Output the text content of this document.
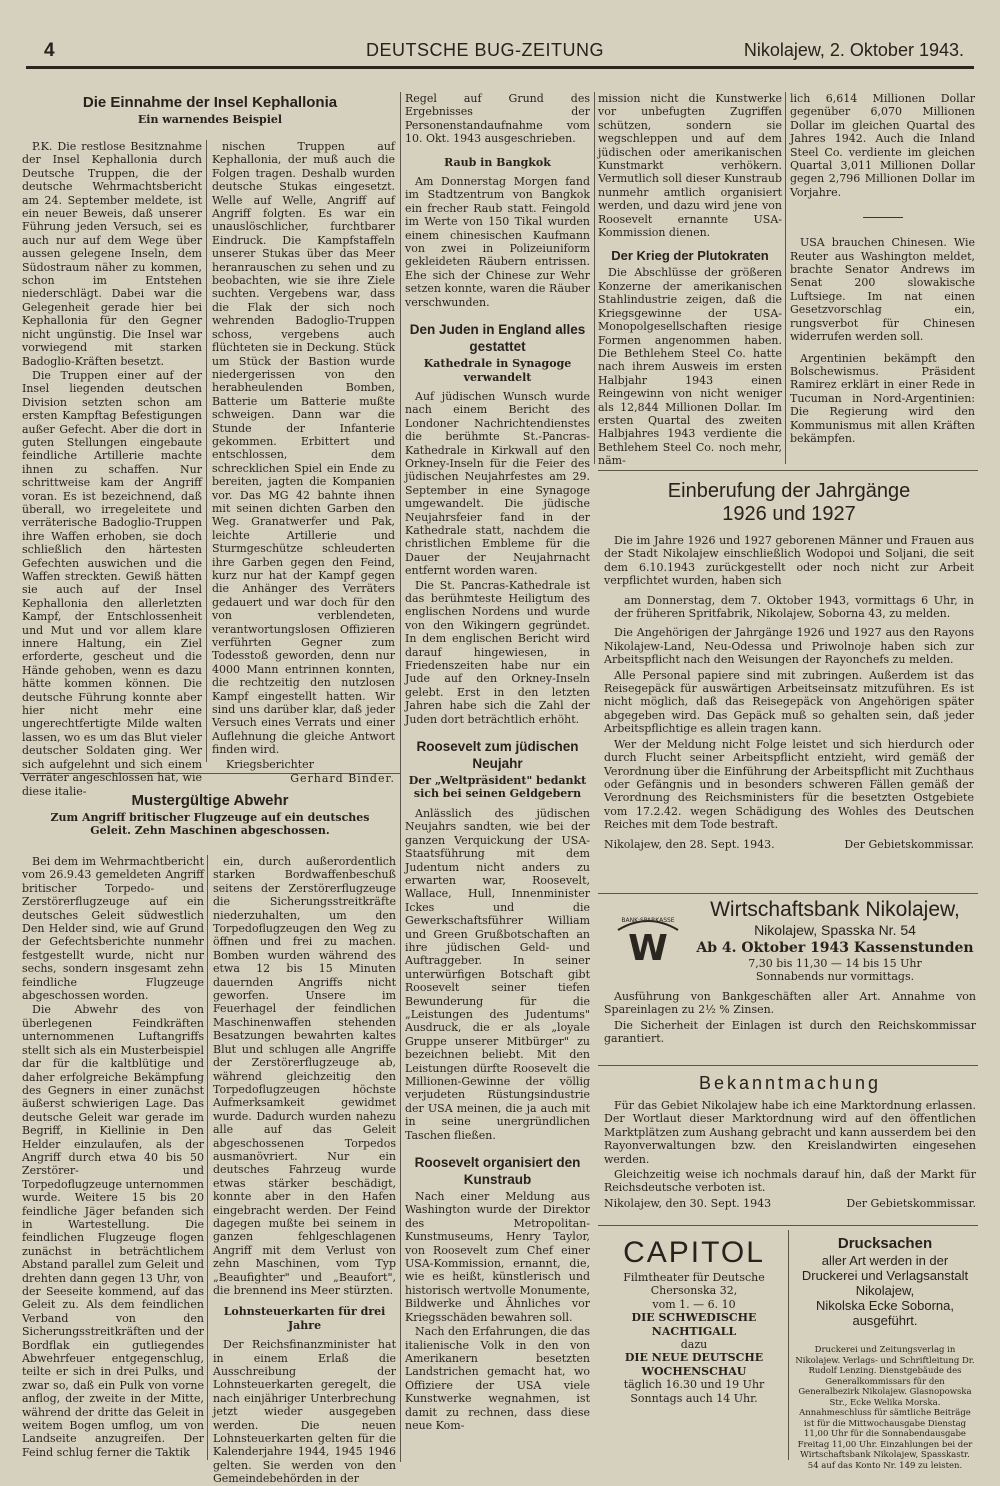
4	DEUTSCHE BUG-ZEITUNG	Nikolajew, 2. Oktober 1943.
Die Einnahme der Insel Kephallonia
Ein warnendes Beispiel

P.K. Die restlose Besitznahme der Insel Kephallonia durch Deutsche Truppen, die der deutsche Wehrmachtsbericht am 24. September meldete, ist ein neuer Beweis, daß unserer Führung jeden Versuch, sei es auch nur auf dem Wege über aussen gelegene Inseln, dem Südostraum näher zu kommen, schon im Entstehen niederschlägt. Dabei war die Gelegenheit gerade hier bei Kephallonia für den Gegner nicht ungünstig. Die Insel war vorwiegend mit starken Badoglio-Kräften besetzt.

Die Truppen einer auf der Insel liegenden deutschen Division setzten schon am ersten Kampftag Befestigungen außer Gefecht. Aber die dort in guten Stellungen eingebaute feindliche Artillerie machte ihnen zu schaffen. Nur schrittweise kam der Angriff voran. Es ist bezeichnend, daß überall, wo irregeleitete und verräterische Badoglio-Truppen ihre Waffen erhoben, sie doch schließlich den härtesten Gefechten auswichen und die Waffen streckten. Gewiß hätten sie auch auf der Insel Kephallonia den allerletzten Kampf, der Entschlossenheit und Mut und vor allem klare innere Haltung, ein Ziel erforderte, gescheut und die Hände gehoben, wenn es dazu hätte kommen können. Die deutsche Führung konnte aber hier nicht mehr eine ungerechtfertigte Milde walten lassen, wo es um das Blut vieler deutscher Soldaten ging. Wer sich aufgelehnt und sich einem Verräter angeschlossen hat, wie diese italie-

nischen Truppen auf Kephallonia, der muß auch die Folgen tragen. Deshalb wurden deutsche Stukas eingesetzt. Welle auf Welle, Angriff auf Angriff folgten. Es war ein unauslöschlicher, furchtbarer Eindruck. Die Kampfstaffeln unserer Stukas über das Meer heranrauschen zu sehen und zu beobachten, wie sie ihre Ziele suchten. Vergebens war, dass die Flak der sich noch wehrenden Badoglio-Truppen schoss, vergebens auch flüchteten sie in Deckung. Stück um Stück der Bastion wurde niedergerissen von den herabheulenden Bomben, Batterie um Batterie mußte schweigen. Dann war die Stunde der Infanterie gekommen. Erbittert und entschlossen, dem schrecklichen Spiel ein Ende zu bereiten, jagten die Kompanien vor. Das MG 42 bahnte ihnen mit seinen dichten Garben den Weg. Granatwerfer und Pak, leichte Artillerie und Sturmgeschütze schleuderten ihre Garben gegen den Feind, kurz nur hat der Kampf gegen die Anhänger des Verräters gedauert und war doch für den von verblendeten, verantwortungslosen Offizieren verführten Gegner zum Todesstoß geworden, denn nur 4000 Mann entrinnen konnten, die rechtzeitig den nutzlosen Kampf eingestellt hatten. Wir sind uns darüber klar, daß jeder Versuch eines Verrats und einer Auflehnung die gleiche Antwort finden wird.

Kriegsberichter

Gerhard Binder.

Mustergültige Abwehr
Zum Angriff britischer Flugzeuge auf ein deutsches Geleit. Zehn Maschinen abgeschossen.

Bei dem im Wehrmachtbericht vom 26.9.43 gemeldeten Angriff britischer Torpedo- und Zerstörerflugzeuge auf ein deutsches Geleit südwestlich Den Helder sind, wie auf Grund der Gefechtsberichte nunmehr festgestellt wurde, nicht nur sechs, sondern insgesamt zehn feindliche Flugzeuge abgeschossen worden.

Die Abwehr des von überlegenen Feindkräften unternommenen Luftangriffs stellt sich als ein Musterbeispiel dar für die kaltblütige und daher erfolgreiche Bekämpfung des Gegners in einer zunächst äußerst schwierigen Lage. Das deutsche Geleit war gerade im Begriff, in Kiellinie in Den Helder einzulaufen, als der Angriff durch etwa 40 bis 50 Zerstörer- und Torpedoflugzeuge unternommen wurde. Weitere 15 bis 20 feindliche Jäger befanden sich in Wartestellung. Die feindlichen Flugzeuge flogen zunächst in beträchtlichem Abstand parallel zum Geleit und drehten dann gegen 13 Uhr, von der Seeseite kommend, auf das Geleit zu. Als dem feindlichen Verband von den Sicherungsstreitkräften und der Bordflak ein gutliegendes Abwehrfeuer entgegenschlug, teilte er sich in drei Pulks, und zwar so, daß ein Pulk von vorne anflog, der zweite in der Mitte, während der dritte das Geleit in weitem Bogen umflog, um von Landseite anzugreifen. Der Feind schlug ferner die Taktik

ein, durch außerordentlich starken Bordwaffenbeschuß seitens der Zerstörerflugzeuge die Sicherungsstreitkräfte niederzuhalten, um den Torpedoflugzeugen den Weg zu öffnen und frei zu machen. Bomben wurden während des etwa 12 bis 15 Minuten dauernden Angriffs nicht geworfen. Unsere im Feuerhagel der feindlichen Maschinenwaffen stehenden Besatzungen bewahrten kaltes Blut und schlugen alle Angriffe der Zerstörerflugzeuge ab, während gleichzeitig den Torpedoflugzeugen höchste Aufmerksamkeit gewidmet wurde. Dadurch wurden nahezu alle auf das Geleit abgeschossenen Torpedos ausmanövriert. Nur ein deutsches Fahrzeug wurde etwas stärker beschädigt, konnte aber in den Hafen eingebracht werden. Der Feind dagegen mußte bei seinem in ganzen fehlgeschlagenen Angriff mit dem Verlust von zehn Maschinen, vom Typ „Beaufighter" und „Beaufort", die brennend ins Meer stürzten.

Lohnsteuerkarten für drei Jahre

Der Reichsfinanzminister hat in einem Erlaß die Ausschreibung der Lohnsteuerkarten geregelt, die nach einjähriger Unterbrechung jetzt wieder ausgegeben werden. Die neuen Lohnsteuerkarten gelten für die Kalenderjahre 1944, 1945 1946 gelten. Sie werden von den Gemeindebehörden in der

Regel auf Grund des Ergebnisses der Personenstandaufnahme vom 10. Okt. 1943 ausgeschrieben.

Raub in Bangkok

Am Donnerstag Morgen fand im Stadtzentrum von Bangkok ein frecher Raub statt. Feingold im Werte von 150 Tikal wurden einem chinesischen Kaufmann von zwei in Polizeiuniform gekleideten Räubern entrissen. Ehe sich der Chinese zur Wehr setzen konnte, waren die Räuber verschwunden.

Den Juden in England alles gestattet
Kathedrale in Synagoge verwandelt

Auf jüdischen Wunsch wurde nach einem Bericht des Londoner Nachrichtendienstes die berühmte St.-Pancras-Kathedrale in Kirkwall auf den Orkney-Inseln für die Feier des jüdischen Neujahrfestes am 29. September in eine Synagoge umgewandelt. Die jüdische Neujahrsfeier fand in der Kathedrale statt, nachdem die christlichen Embleme für die Dauer der Neujahrnacht entfernt worden waren.

Die St. Pancras-Kathedrale ist das berühmteste Heiligtum des englischen Nordens und wurde von den Wikingern gegründet. In dem englischen Bericht wird darauf hingewiesen, in Friedenszeiten habe nur ein Jude auf den Orkney-Inseln gelebt. Erst in den letzten Jahren habe sich die Zahl der Juden dort beträchtlich erhöht.

Roosevelt zum jüdischen Neujahr
Der „Weltpräsident" bedankt sich bei seinen Geldgebern

Anlässlich des jüdischen Neujahrs sandten, wie bei der ganzen Verquickung der USA-Staatsführung mit dem Judentum nicht anders zu erwarten war, Roosevelt, Wallace, Hull, Innenminister Ickes und die Gewerkschaftsführer William und Green Grußbotschaften an ihre jüdischen Geld- und Auftraggeber. In seiner unterwürfigen Botschaft gibt Roosevelt seiner tiefen Bewunderung für die „Leistungen des Judentums" Ausdruck, die er als „loyale Gruppe unserer Mitbürger" zu bezeichnen beliebt. Mit den Leistungen dürfte Roosevelt die Millionen-Gewinne der völlig verjudeten Rüstungsindustrie der USA meinen, die ja auch mit in seine unergründlichen Taschen fließen.

Roosevelt organisiert den Kunstraub

Nach einer Meldung aus Washington wurde der Direktor des Metropolitan-Kunstmuseums, Henry Taylor, von Roosevelt zum Chef einer USA-Kommission, ernannt, die, wie es heißt, künstlerisch und historisch wertvolle Monumente, Bildwerke und Ähnliches vor Kriegsschäden bewahren soll.

Nach den Erfahrungen, die das italienische Volk in den von Amerikanern besetzten Landstrichen gemacht hat, wo Offiziere der USA viele Kunstwerke wegnahmen, ist damit zu rechnen, dass diese neue Kom-

mission nicht die Kunstwerke vor unbefugten Zugriffen schützen, sondern sie wegschleppen und auf dem jüdischen oder amerikanischen Kunstmarkt verhökern. Vermutlich soll dieser Kunstraub nunmehr amtlich organisiert werden, und dazu wird jene von Roosevelt ernannte USA-Kommission dienen.

Der Krieg der Plutokraten

Die Abschlüsse der größeren Konzerne der amerikanischen Stahlindustrie zeigen, daß die Kriegsgewinne der USA-Monopolgesellschaften riesige Formen angenommen haben. Die Bethlehem Steel Co. hatte nach ihrem Ausweis im ersten Halbjahr 1943 einen Reingewinn von nicht weniger als 12,844 Millionen Dollar. Im ersten Quartal des zweiten Halbjahres 1943 verdiente die Bethlehem Steel Co. noch mehr, näm-

lich 6,614 Millionen Dollar gegenüber 6,070 Millionen Dollar im gleichen Quartal des Jahres 1942. Auch die Inland Steel Co. verdiente im gleichen Quartal 3,011 Millionen Dollar gegen 2,796 Millionen Dollar im Vorjahre.

USA brauchen Chinesen. Wie Reuter aus Washington meldet, brachte Senator Andrews im Senat 200 slowakische Luftsiege. Im nat einen Gesetzvorschlag ein, rungsverbot für Chinesen widerrufen werden soll.

Argentinien bekämpft den Bolschewismus. Präsident Ramirez erklärt in einer Rede in Tucuman in Nord-Argentinien: Die Regierung wird den Kommunismus mit allen Kräften bekämpfen.

Einberufung der Jahrgänge
1926 und 1927

Die im Jahre 1926 und 1927 geborenen Männer und Frauen aus der Stadt Nikolajew einschließlich Wodopoi und Soljani, die seit dem 6.10.1943 zurückgestellt oder noch nicht zur Arbeit verpflichtet wurden, haben sich

am Donnerstag, dem 7. Oktober 1943, vormittags 6 Uhr, in der früheren Spritfabrik, Nikolajew, Soborna 43, zu melden.

Die Angehörigen der Jahrgänge 1926 und 1927 aus den Rayons Nikolajew-Land, Neu-Odessa und Priwolnoje haben sich zur Arbeitspflicht nach den Weisungen der Rayonchefs zu melden.

Alle Personal papiere sind mit zubringen. Außerdem ist das Reisegepäck für auswärtigen Arbeitseinsatz mitzuführen. Es ist nicht möglich, daß das Reisegepäck von Angehörigen später abgegeben wird. Das Gepäck muß so gehalten sein, daß jeder Arbeitspflichtige es allein tragen kann.

Wer der Meldung nicht Folge leistet und sich hierdurch oder durch Flucht seiner Arbeitspflicht entzieht, wird gemäß der Verordnung über die Einführung der Arbeitspflicht mit Zuchthaus oder Gefängnis und in besonders schweren Fällen gemäß der Verordnung des Reichsministers für die besetzten Ostgebiete vom 17.2.42. wegen Schädigung des Wohles des Deutschen Reiches mit dem Tode bestraft.

Nikolajew, den 28. Sept. 1943.	Der Gebietskommissar.
BANK·SPARKASSE
W
Wirtschaftsbank Nikolajew,
Nikolajew, Spasska Nr. 54
Ab 4. Oktober 1943 Kassenstunden
7,30 bis 11,30 — 14 bis 15 Uhr
Sonnabends nur vormittags.

Ausführung von Bankgeschäften aller Art. Annahme von Spareinlagen zu 2½ % Zinsen.

Die Sicherheit der Einlagen ist durch den Reichskommissar garantiert.

Bekanntmachung

Für das Gebiet Nikolajew habe ich eine Marktordnung erlassen. Der Wortlaut dieser Marktordnung wird auf den öffentlichen Marktplätzen zum Aushang gebracht und kann ausserdem bei den Rayonverwaltungen bzw. den Kreislandwirten eingesehen werden.

Gleichzeitig weise ich nochmals darauf hin, daß der Markt für Reichsdeutsche verboten ist.

Nikolajew, den 30. Sept. 1943	Der Gebietskommissar.
CAPITOL
Filmtheater für Deutsche
Chersonska 32,
vom 1. — 6. 10
DIE SCHWEDISCHE
NACHTIGALL
dazu
DIE NEUE DEUTSCHE
WOCHENSCHAU
täglich 16.30 und 19 Uhr
Sonntags auch 14 Uhr.
Drucksachen
aller Art werden in der
Druckerei und Verlagsanstalt Nikolajew,
Nikolska Ecke Soborna,
ausgeführt.
Druckerei und Zeitungsverlag in Nikolajew. Verlags- und Schriftleitung Dr. Rudolf Lenzing. Dienstgebäude des Generalkommissars für den Generalbezirk Nikolajew. Glasnopowska Str., Ecke Welika Morska. Annahmeschluss für sämtliche Beiträge ist für die Mittwochausgabe Dienstag 11,00 Uhr für die Sonnabendausgabe Freitag 11,00 Uhr. Einzahlungen bei der Wirtschaftsbank Nikolajew, Spasskastr. 54 auf das Konto Nr. 149 zu leisten.
